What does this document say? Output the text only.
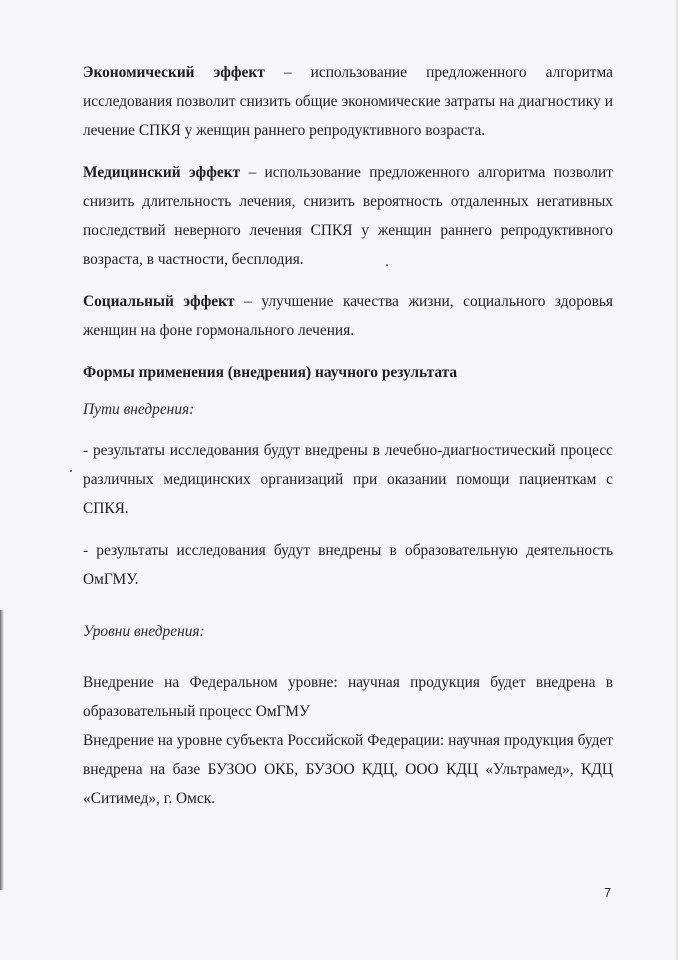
Экономический эффект – использование предложенного алгоритма исследования позволит снизить общие экономические затраты на диагностику и лечение СПКЯ у женщин раннего репродуктивного возраста.

Медицинский эффект – использование предложенного алгоритма позволит снизить длительность лечения, снизить вероятность отдаленных негативных последствий неверного лечения СПКЯ у женщин раннего репродуктивного возраста, в частности, бесплодия.

Социальный эффект – улучшение качества жизни, социального здоровья женщин на фоне гормонального лечения.

Формы применения (внедрения) научного результата

Пути внедрения:

- результаты исследования будут внедрены в лечебно-диагностический процесс различных медицинских организаций при оказании помощи пациенткам с СПКЯ.

- результаты исследования будут внедрены в образовательную деятельность ОмГМУ.

Уровни внедрения:

Внедрение на Федеральном уровне: научная продукция будет внедрена в образовательный процесс ОмГМУ

Внедрение на уровне субъекта Российской Федерации: научная продукция будет внедрена на базе БУЗОО ОКБ, БУЗОО КДЦ, ООО КДЦ «Ультрамед», КДЦ «Ситимед», г. Омск.

7
